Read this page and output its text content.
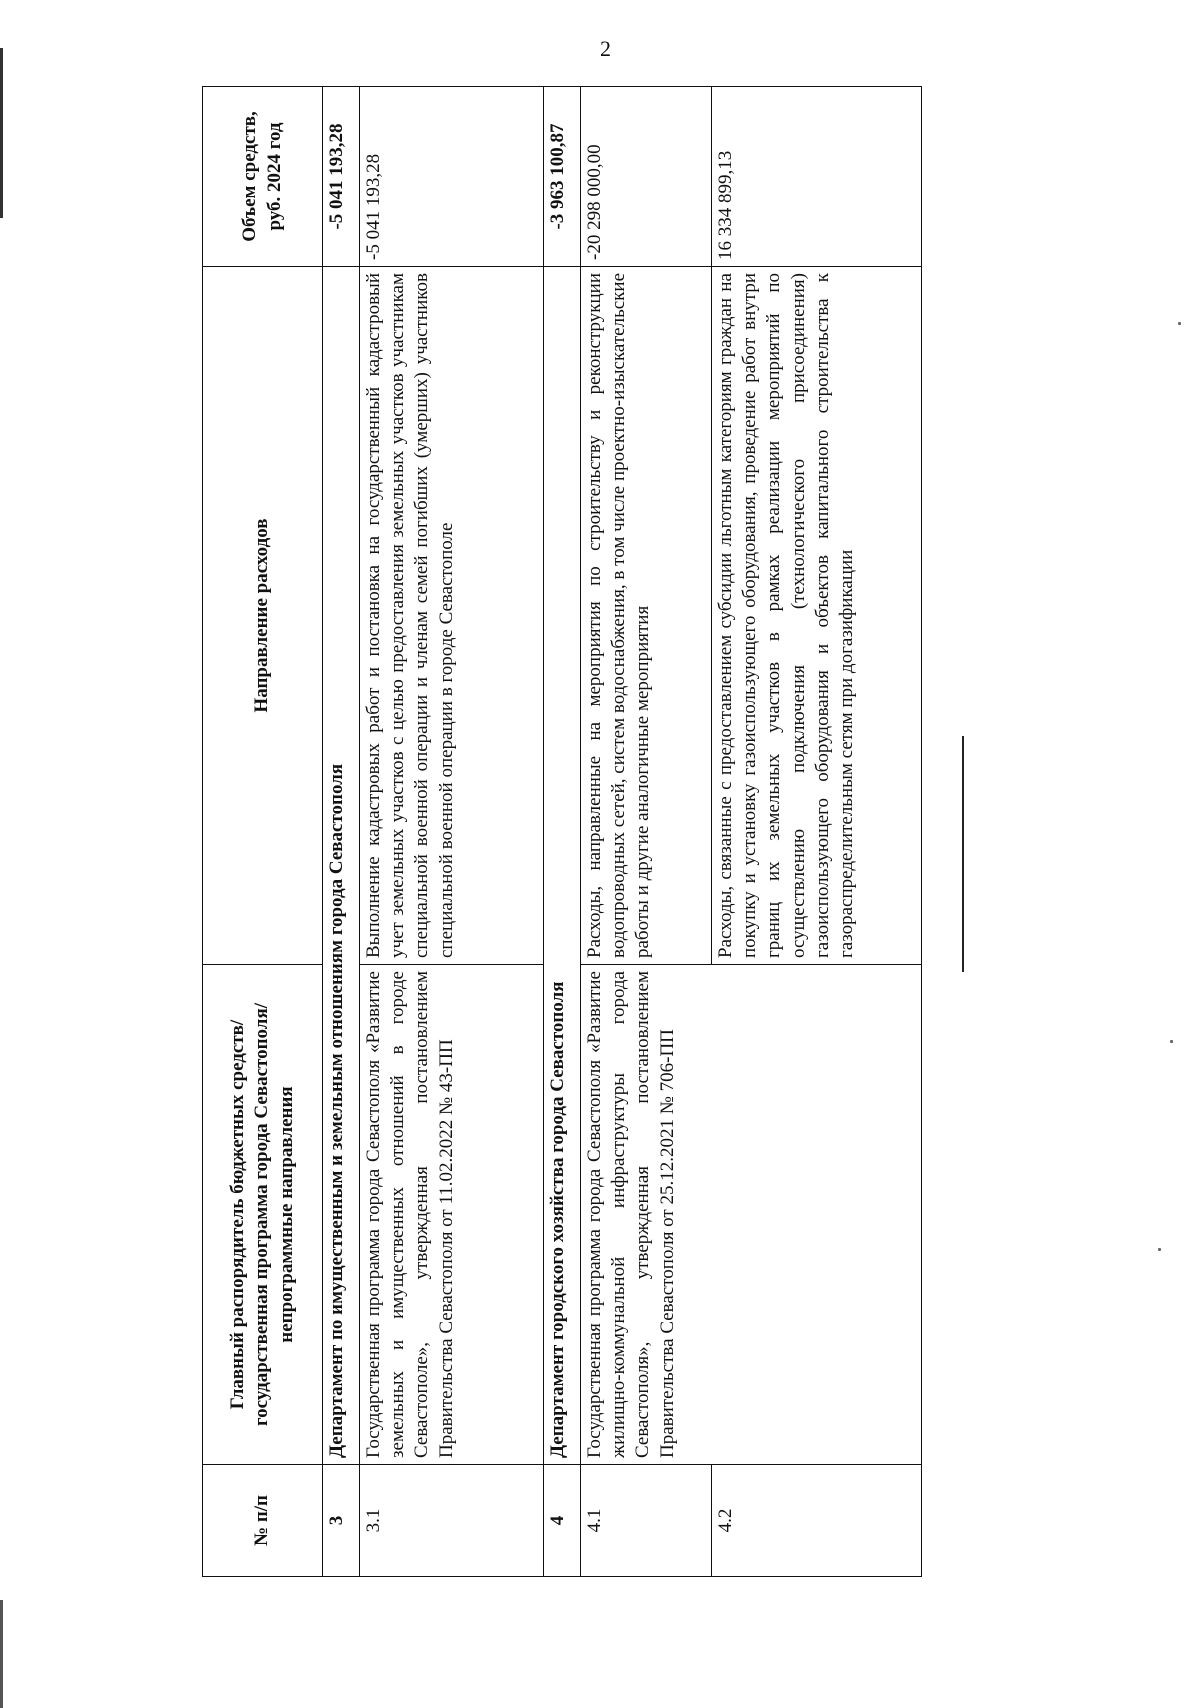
2
№ п/п	Главный распорядитель бюджетных средств/государственная программа города Севастополя/непрограммные направления	Направление расходов	Объем средств, руб. 2024 год
3	Департамент по имущественным и земельным отношениям города Севастополя		-5 041 193,28
3.1	Государственная программа города Севастополя «Развитие земельных и имущественных отношений в городе Севастополе», утвержденная постановлением Правительства Севастополя от 11.02.2022 № 43-ПП	Выполнение кадастровых работ и постановка на государственный кадастровый учет земельных участков с целью предоставления земельных участков участникам специальной военной операции и членам семей погибших (умерших) участников специальной военной операции в городе Севастополе	-5 041 193,28
4	Департамент городского хозяйства города Севастополя		-3 963 100,87
4.1	Государственная программа города Севастополя «Развитие жилищно-коммунальной инфраструктуры города Севастополя», утвержденная постановлением Правительства Севастополя от 25.12.2021 № 706-ПП	Расходы, направленные на мероприятия по строительству и реконструкции водопроводных сетей, систем водоснабжения, в том числе проектно-изыскательские работы и другие аналогичные мероприятия	-20 298 000,00
4.2		Расходы, связанные с предоставлением субсидии льготным категориям граждан на покупку и установку газоиспользующего оборудования, проведение работ внутри границ их земельных участков в рамках реализации мероприятий по осуществлению подключения (технологического присоединения) газоиспользующего оборудования и объектов капитального строительства к газораспределительным сетям при догазификации	16 334 899,13
